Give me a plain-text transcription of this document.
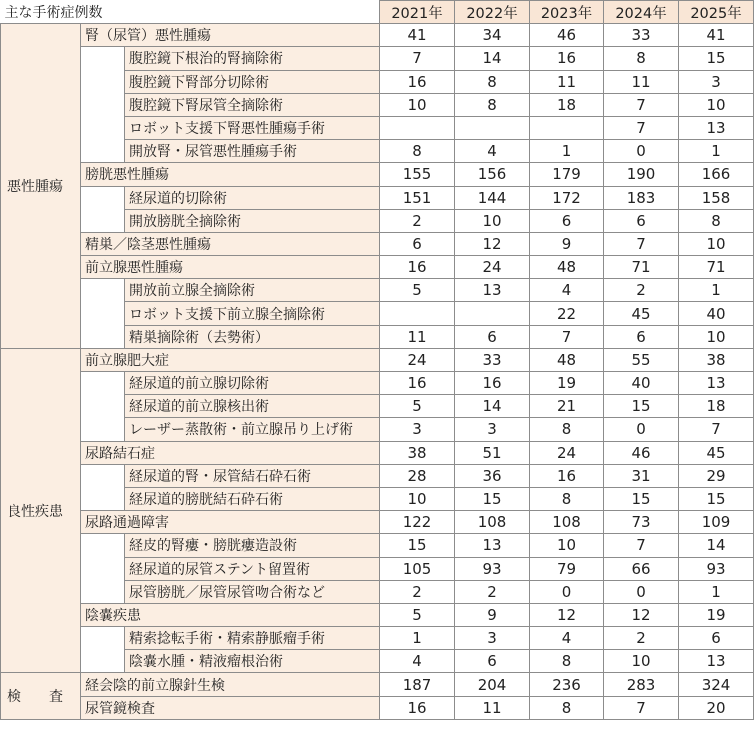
主な手術症例数			2021年	2022年	2023年	2024年	2025年
悪性腫瘍	腎（尿管）悪性腫瘍		41	34	46	33	41
		腹腔鏡下根治的腎摘除術	7	14	16	8	15
		腹腔鏡下腎部分切除術	16	8	11	11	3
		腹腔鏡下腎尿管全摘除術	10	8	18	7	10
		ロボット支援下腎悪性腫瘍手術				7	13
		開放腎・尿管悪性腫瘍手術	8	4	1	0	1
	膀胱悪性腫瘍		155	156	179	190	166
		経尿道的切除術	151	144	172	183	158
		開放膀胱全摘除術	2	10	6	6	8
	精巣／陰茎悪性腫瘍		6	12	9	7	10
	前立腺悪性腫瘍		16	24	48	71	71
		開放前立腺全摘除術	5	13	4	2	1
		ロボット支援下前立腺全摘除術			22	45	40
		精巣摘除術（去勢術）	11	6	7	6	10
良性疾患	前立腺肥大症		24	33	48	55	38
		経尿道的前立腺切除術	16	16	19	40	13
		経尿道的前立腺核出術	5	14	21	15	18
		レーザー蒸散術・前立腺吊り上げ術	3	3	8	0	7
	尿路結石症		38	51	24	46	45
		経尿道的腎・尿管結石砕石術	28	36	16	31	29
		経尿道的膀胱結石砕石術	10	15	8	15	15
	尿路通過障害		122	108	108	73	109
		経皮的腎瘻・膀胱瘻造設術	15	13	10	7	14
		経尿道的尿管ステント留置術	105	93	79	66	93
		尿管膀胱／尿管尿管吻合術など	2	2	0	0	1
	陰嚢疾患		5	9	12	12	19
		精索捻転手術・精索静脈瘤手術	1	3	4	2	6
		陰嚢水腫・精液瘤根治術	4	6	8	10	13
検　　査	経会陰的前立腺針生検		187	204	236	283	324
	尿管鏡検査		16	11	8	7	20
